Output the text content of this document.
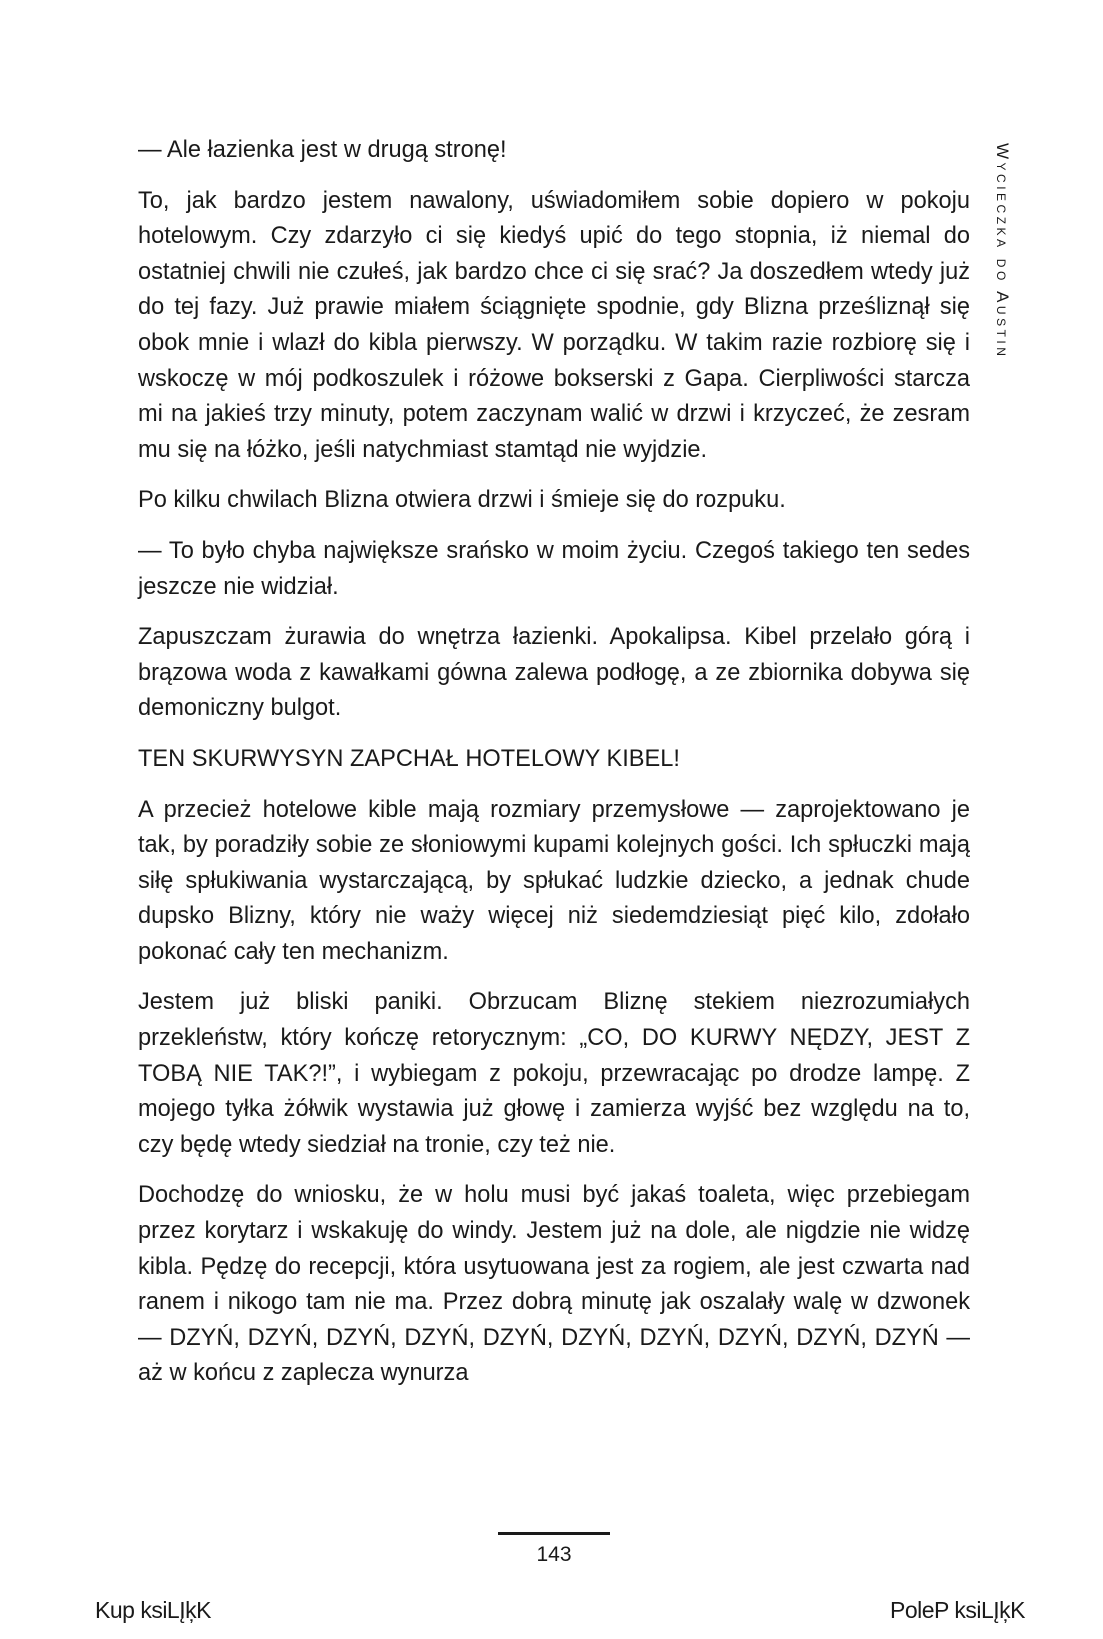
Wycieczka do Austin

— Ale łazienka jest w drugą stronę!

To, jak bardzo jestem nawalony, uświadomiłem sobie dopiero w pokoju hotelowym. Czy zdarzyło ci się kiedyś upić do tego stopnia, iż niemal do ostatniej chwili nie czułeś, jak bardzo chce ci się srać? Ja doszedłem wtedy już do tej fazy. Już prawie miałem ściągnięte spodnie, gdy Blizna prześliznął się obok mnie i wlazł do kibla pierwszy. W porządku. W takim razie rozbiorę się i wskoczę w mój podkoszulek i różowe bokserski z Gapa. Cierpliwości starcza mi na jakieś trzy minuty, potem zaczynam walić w drzwi i krzyczeć, że zesram mu się na łóżko, jeśli natychmiast stamtąd nie wyjdzie.

Po kilku chwilach Blizna otwiera drzwi i śmieje się do rozpuku.

— To było chyba największe srańsko w moim życiu. Czegoś takiego ten sedes jeszcze nie widział.

Zapuszczam żurawia do wnętrza łazienki. Apokalipsa. Kibel przelało górą i brązowa woda z kawałkami gówna zalewa podłogę, a ze zbiornika dobywa się demoniczny bulgot.

TEN SKURWYSYN ZAPCHAŁ HOTELOWY KIBEL!

A przecież hotelowe kible mają rozmiary przemysłowe — zaprojektowano je tak, by poradziły sobie ze słoniowymi kupami kolejnych gości. Ich spłuczki mają siłę spłukiwania wystarczającą, by spłukać ludzkie dziecko, a jednak chude dupsko Blizny, który nie waży więcej niż siedemdziesiąt pięć kilo, zdołało pokonać cały ten mechanizm.

Jestem już bliski paniki. Obrzucam Bliznę stekiem niezrozumiałych przekleństw, który kończę retorycznym: „CO, DO KURWY NĘDZY, JEST Z TOBĄ NIE TAK?!”, i wybiegam z pokoju, przewracając po drodze lampę. Z mojego tyłka żółwik wystawia już głowę i zamierza wyjść bez względu na to, czy będę wtedy siedział na tronie, czy też nie.

Dochodzę do wniosku, że w holu musi być jakaś toaleta, więc przebiegam przez korytarz i wskakuję do windy. Jestem już na dole, ale nigdzie nie widzę kibla. Pędzę do recepcji, która usytuowana jest za rogiem, ale jest czwarta nad ranem i nikogo tam nie ma. Przez dobrą minutę jak oszalały walę w dzwonek — DZYŃ, DZYŃ, DZYŃ, DZYŃ, DZYŃ, DZYŃ, DZYŃ, DZYŃ, DZYŃ, DZYŃ — aż w końcu z zaplecza wynurza

143
Kup ksiLĮķK	PoleP ksiLĮķK
